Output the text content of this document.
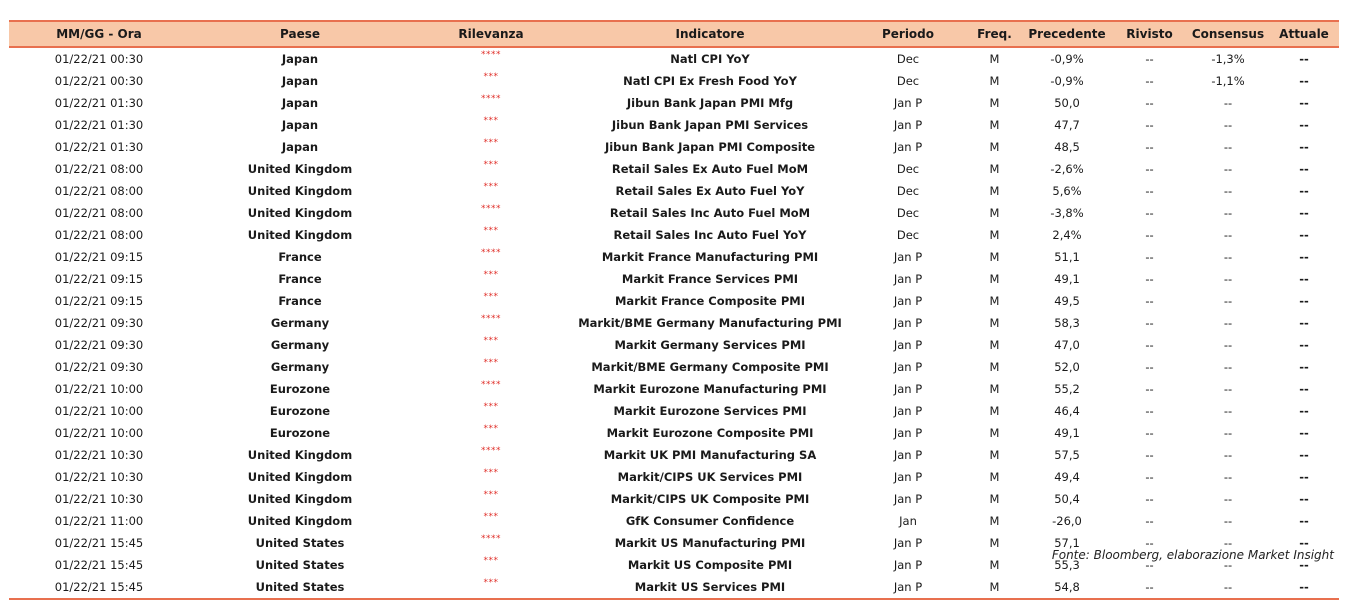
MM/GG - Ora	Paese	Rilevanza	Indicatore	Periodo	Freq.	Precedente	Rivisto	Consensus	Attuale
01/22/21 00:30	Japan	****	Natl CPI YoY	Dec	M	-0,9%	--	-1,3%	--
01/22/21 00:30	Japan	***	Natl CPI Ex Fresh Food YoY	Dec	M	-0,9%	--	-1,1%	--
01/22/21 01:30	Japan	****	Jibun Bank Japan PMI Mfg	Jan P	M	50,0	--	--	--
01/22/21 01:30	Japan	***	Jibun Bank Japan PMI Services	Jan P	M	47,7	--	--	--
01/22/21 01:30	Japan	***	Jibun Bank Japan PMI Composite	Jan P	M	48,5	--	--	--
01/22/21 08:00	United Kingdom	***	Retail Sales Ex Auto Fuel MoM	Dec	M	-2,6%	--	--	--
01/22/21 08:00	United Kingdom	***	Retail Sales Ex Auto Fuel YoY	Dec	M	5,6%	--	--	--
01/22/21 08:00	United Kingdom	****	Retail Sales Inc Auto Fuel MoM	Dec	M	-3,8%	--	--	--
01/22/21 08:00	United Kingdom	***	Retail Sales Inc Auto Fuel YoY	Dec	M	2,4%	--	--	--
01/22/21 09:15	France	****	Markit France Manufacturing PMI	Jan P	M	51,1	--	--	--
01/22/21 09:15	France	***	Markit France Services PMI	Jan P	M	49,1	--	--	--
01/22/21 09:15	France	***	Markit France Composite PMI	Jan P	M	49,5	--	--	--
01/22/21 09:30	Germany	****	Markit/BME Germany Manufacturing PMI	Jan P	M	58,3	--	--	--
01/22/21 09:30	Germany	***	Markit Germany Services PMI	Jan P	M	47,0	--	--	--
01/22/21 09:30	Germany	***	Markit/BME Germany Composite PMI	Jan P	M	52,0	--	--	--
01/22/21 10:00	Eurozone	****	Markit Eurozone Manufacturing PMI	Jan P	M	55,2	--	--	--
01/22/21 10:00	Eurozone	***	Markit Eurozone Services PMI	Jan P	M	46,4	--	--	--
01/22/21 10:00	Eurozone	***	Markit Eurozone Composite PMI	Jan P	M	49,1	--	--	--
01/22/21 10:30	United Kingdom	****	Markit UK PMI Manufacturing SA	Jan P	M	57,5	--	--	--
01/22/21 10:30	United Kingdom	***	Markit/CIPS UK Services PMI	Jan P	M	49,4	--	--	--
01/22/21 10:30	United Kingdom	***	Markit/CIPS UK Composite PMI	Jan P	M	50,4	--	--	--
01/22/21 11:00	United Kingdom	***	GfK Consumer Confidence	Jan	M	-26,0	--	--	--
01/22/21 15:45	United States	****	Markit US Manufacturing PMI	Jan P	M	57,1	--	--	--
01/22/21 15:45	United States	***	Markit US Composite PMI	Jan P	M	55,3	--	--	--
01/22/21 15:45	United States	***	Markit US Services PMI	Jan P	M	54,8	--	--	--
Fonte: Bloomberg, elaborazione Market Insight
